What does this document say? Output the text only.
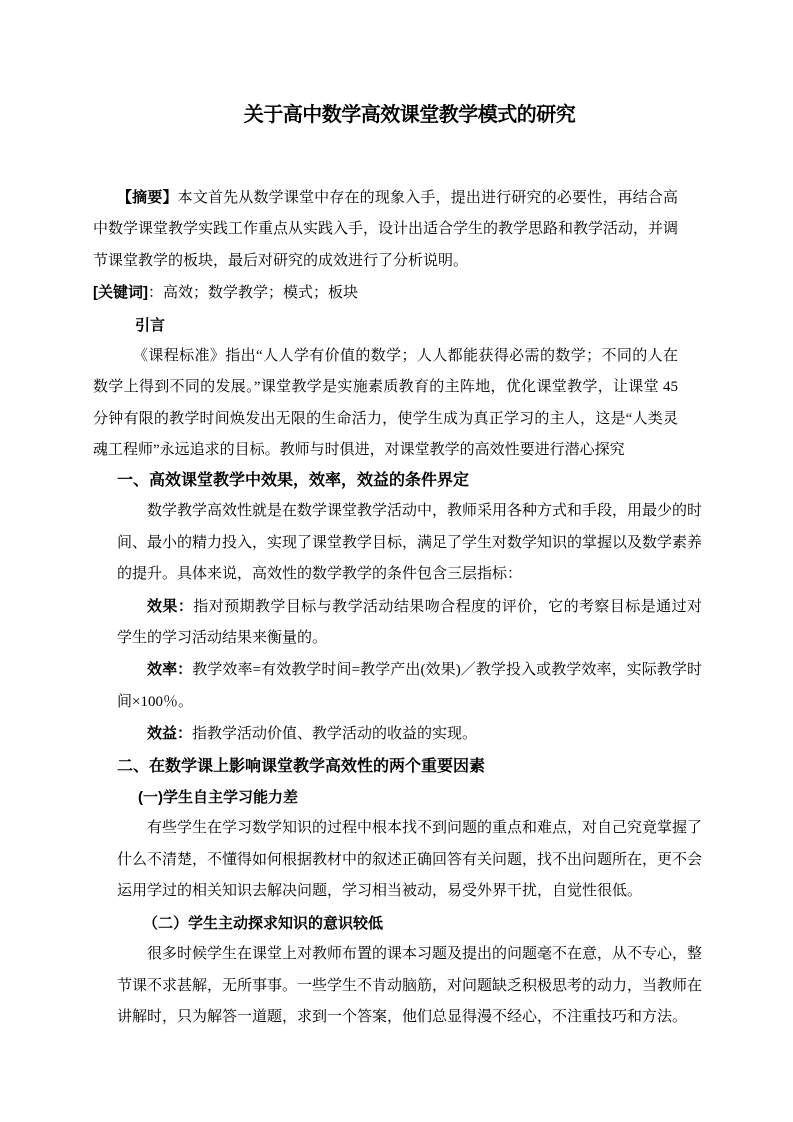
关于高中数学高效课堂教学模式的研究

【摘要】本文首先从数学课堂中存在的现象入手，提出进行研究的必要性，再结合高中数学课堂教学实践工作重点从实践入手，设计出适合学生的教学思路和教学活动，并调节课堂教学的板块，最后对研究的成效进行了分析说明。

[关键词]：高效；数学教学；模式；板块

引言

《课程标准》指出“人人学有价值的数学；人人都能获得必需的数学；不同的人在数学上得到不同的发展。”课堂教学是实施素质教育的主阵地，优化课堂教学，让课堂 45 分钟有限的教学时间焕发出无限的生命活力，使学生成为真正学习的主人，这是“人类灵魂工程师”永远追求的目标。教师与时俱进，对课堂教学的高效性要进行潜心探究

一、高效课堂教学中效果，效率，效益的条件界定

数学教学高效性就是在数学课堂教学活动中，教师采用各种方式和手段，用最少的时间、最小的精力投入，实现了课堂教学目标，满足了学生对数学知识的掌握以及数学素养的提升。具体来说，高效性的数学教学的条件包含三层指标：

效果：指对预期教学目标与教学活动结果吻合程度的评价，它的考察目标是通过对学生的学习活动结果来衡量的。

效率：教学效率=有效教学时间=教学产出(效果)／教学投入或教学效率，实际教学时间×100％。

效益：指教学活动价值、教学活动的收益的实现。

二、在数学课上影响课堂教学高效性的两个重要因素

(一)学生自主学习能力差

有些学生在学习数学知识的过程中根本找不到问题的重点和难点，对自己究竟掌握了什么不清楚，不懂得如何根据教材中的叙述正确回答有关问题，找不出问题所在，更不会运用学过的相关知识去解决问题，学习相当被动，易受外界干扰，自觉性很低。

（二）学生主动探求知识的意识较低

很多时候学生在课堂上对教师布置的课本习题及提出的问题毫不在意，从不专心，整节课不求甚解，无所事事。一些学生不肯动脑筋，对问题缺乏积极思考的动力，当教师在讲解时，只为解答一道题，求到一个答案，他们总显得漫不经心，不注重技巧和方法。
